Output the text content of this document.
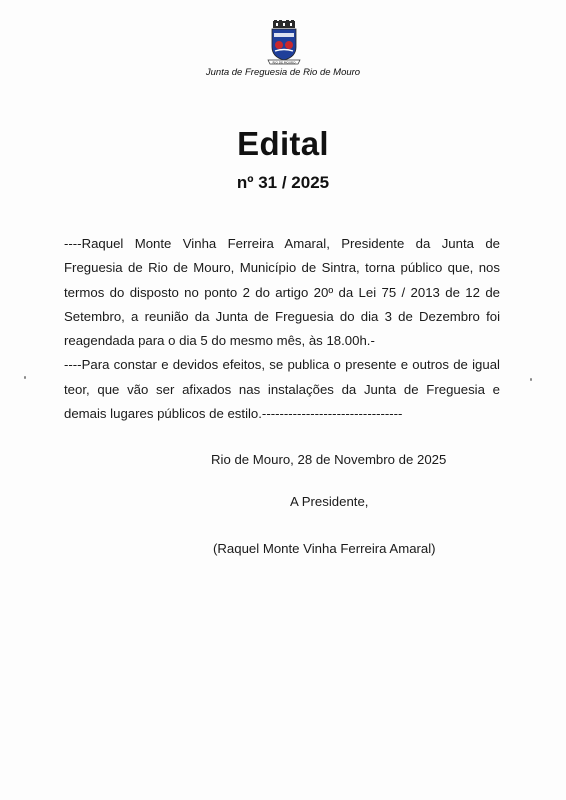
RIO DE MOURO
Junta de Freguesia de Rio de Mouro
Edital
nº 31 / 2025

----Raquel Monte Vinha Ferreira Amaral, Presidente da Junta de Freguesia de Rio de Mouro, Município de Sintra, torna público que, nos termos do disposto no ponto 2 do artigo 20º da Lei 75 / 2013 de 12 de Setembro, a reunião da Junta de Freguesia do dia 3 de Dezembro foi reagendada para o dia 5 do mesmo mês, às 18.00h.-

----Para constar e devidos efeitos, se publica o presente e outros de igual teor, que vão ser afixados nas instalações da Junta de Freguesia e demais lugares públicos de estilo.--------------------------------

Rio de Mouro, 28 de Novembro de 2025
A Presidente,
(Raquel Monte Vinha Ferreira Amaral)
